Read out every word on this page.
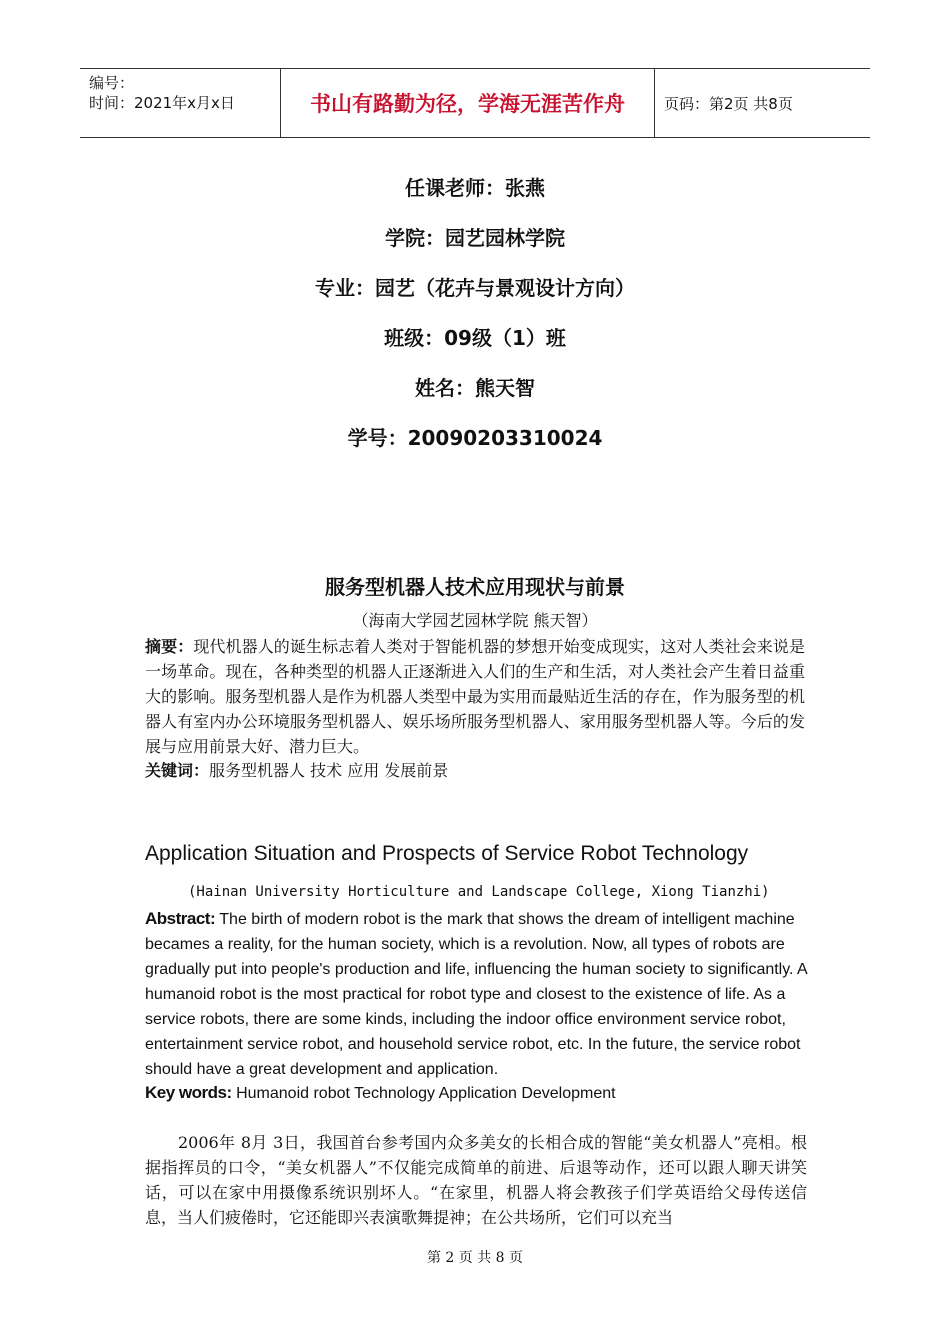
编号：
时间：2021年x月x日	书山有路勤为径，学海无涯苦作舟	页码：第2页 共8页
任课老师：张燕
学院：园艺园林学院
专业：园艺（花卉与景观设计方向）
班级：09级（1）班
姓名：熊天智
学号：20090203310024
服务型机器人技术应用现状与前景
（海南大学园艺园林学院 熊天智）

摘要：现代机器人的诞生标志着人类对于智能机器的梦想开始变成现实，这对人类社会来说是一场革命。现在，各种类型的机器人正逐渐进入人们的生产和生活，对人类社会产生着日益重大的影响。服务型机器人是作为机器人类型中最为实用而最贴近生活的存在，作为服务型的机器人有室内办公环境服务型机器人、娱乐场所服务型机器人、家用服务型机器人等。今后的发展与应用前景大好、潜力巨大。

关键词：服务型机器人 技术 应用 发展前景

Application Situation and Prospects of Service Robot Technology
(Hainan University Horticulture and Landscape College, Xiong Tianzhi)

Abstract: The birth of modern robot is the mark that shows the dream of intelligent machine becames a reality, for the human society, which is a revolution. Now, all types of robots are gradually put into people's production and life, influencing the human society to significantly. A humanoid robot is the most practical for robot type and closest to the existence of life. As a service robots, there are some kinds, including the indoor office environment service robot, entertainment service robot, and household service robot, etc. In the future, the service robot should have a great development and application.

Key words: Humanoid robot Technology Application Development

2006年 8月 3日，我国首台参考国内众多美女的长相合成的智能“美女机器人”亮相。根据指挥员的口令，“美女机器人”不仅能完成简单的前进、后退等动作，还可以跟人聊天讲笑话，可以在家中用摄像系统识别坏人。“在家里，机器人将会教孩子们学英语给父母传送信息，当人们疲倦时，它还能即兴表演歌舞提神；在公共场所，它们可以充当

第 2 页 共 8 页
